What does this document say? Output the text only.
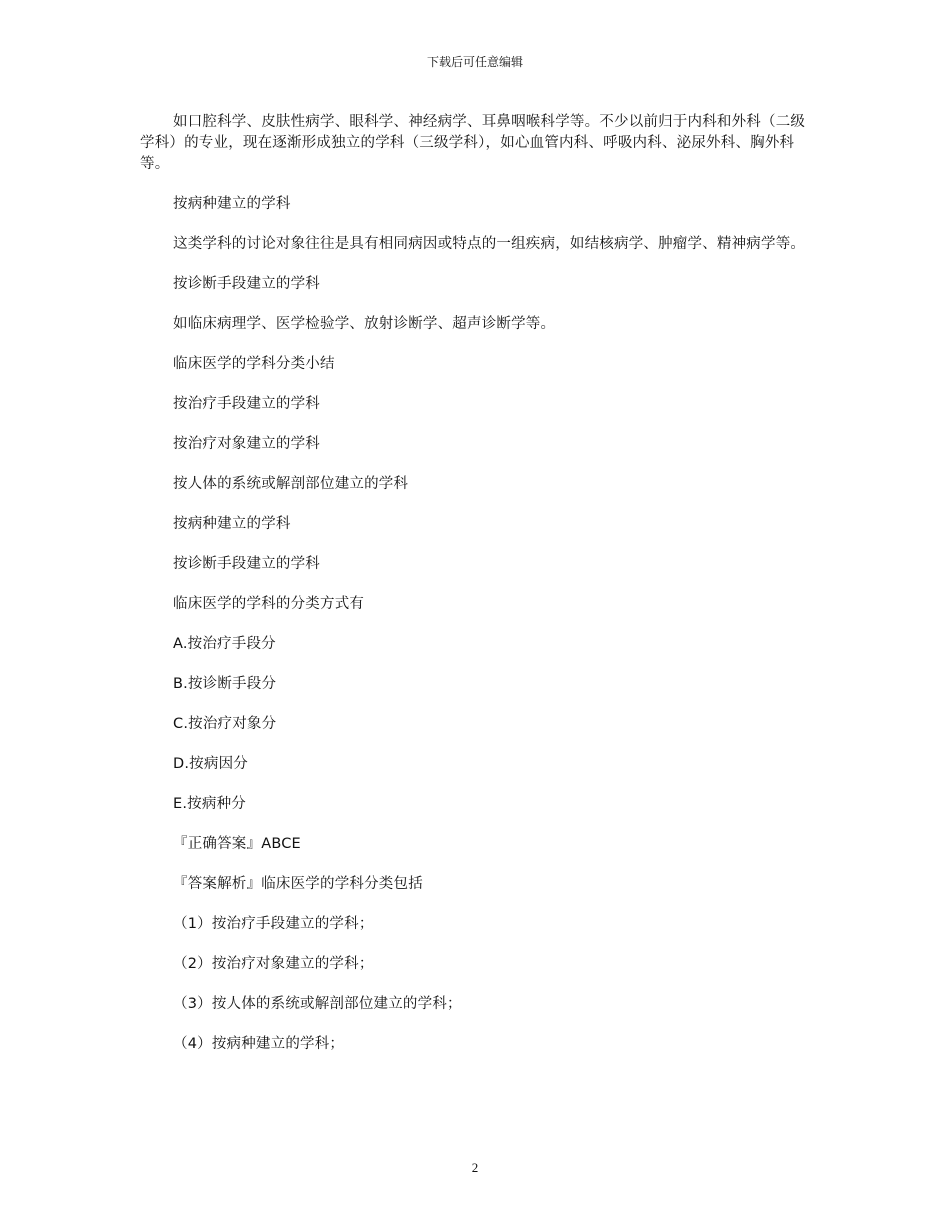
下载后可任意编辑

如口腔科学、皮肤性病学、眼科学、神经病学、耳鼻咽喉科学等。不少以前归于内科和外科（二级学科）的专业，现在逐渐形成独立的学科（三级学科），如心血管内科、呼吸内科、泌尿外科、胸外科等。

按病种建立的学科

这类学科的讨论对象往往是具有相同病因或特点的一组疾病，如结核病学、肿瘤学、精神病学等。

按诊断手段建立的学科

如临床病理学、医学检验学、放射诊断学、超声诊断学等。

临床医学的学科分类小结

按治疗手段建立的学科

按治疗对象建立的学科

按人体的系统或解剖部位建立的学科

按病种建立的学科

按诊断手段建立的学科

临床医学的学科的分类方式有

A.按治疗手段分

B.按诊断手段分

C.按治疗对象分

D.按病因分

E.按病种分

『正确答案』ABCE

『答案解析』临床医学的学科分类包括

（1）按治疗手段建立的学科；

（2）按治疗对象建立的学科；

（3）按人体的系统或解剖部位建立的学科；

（4）按病种建立的学科；

2
